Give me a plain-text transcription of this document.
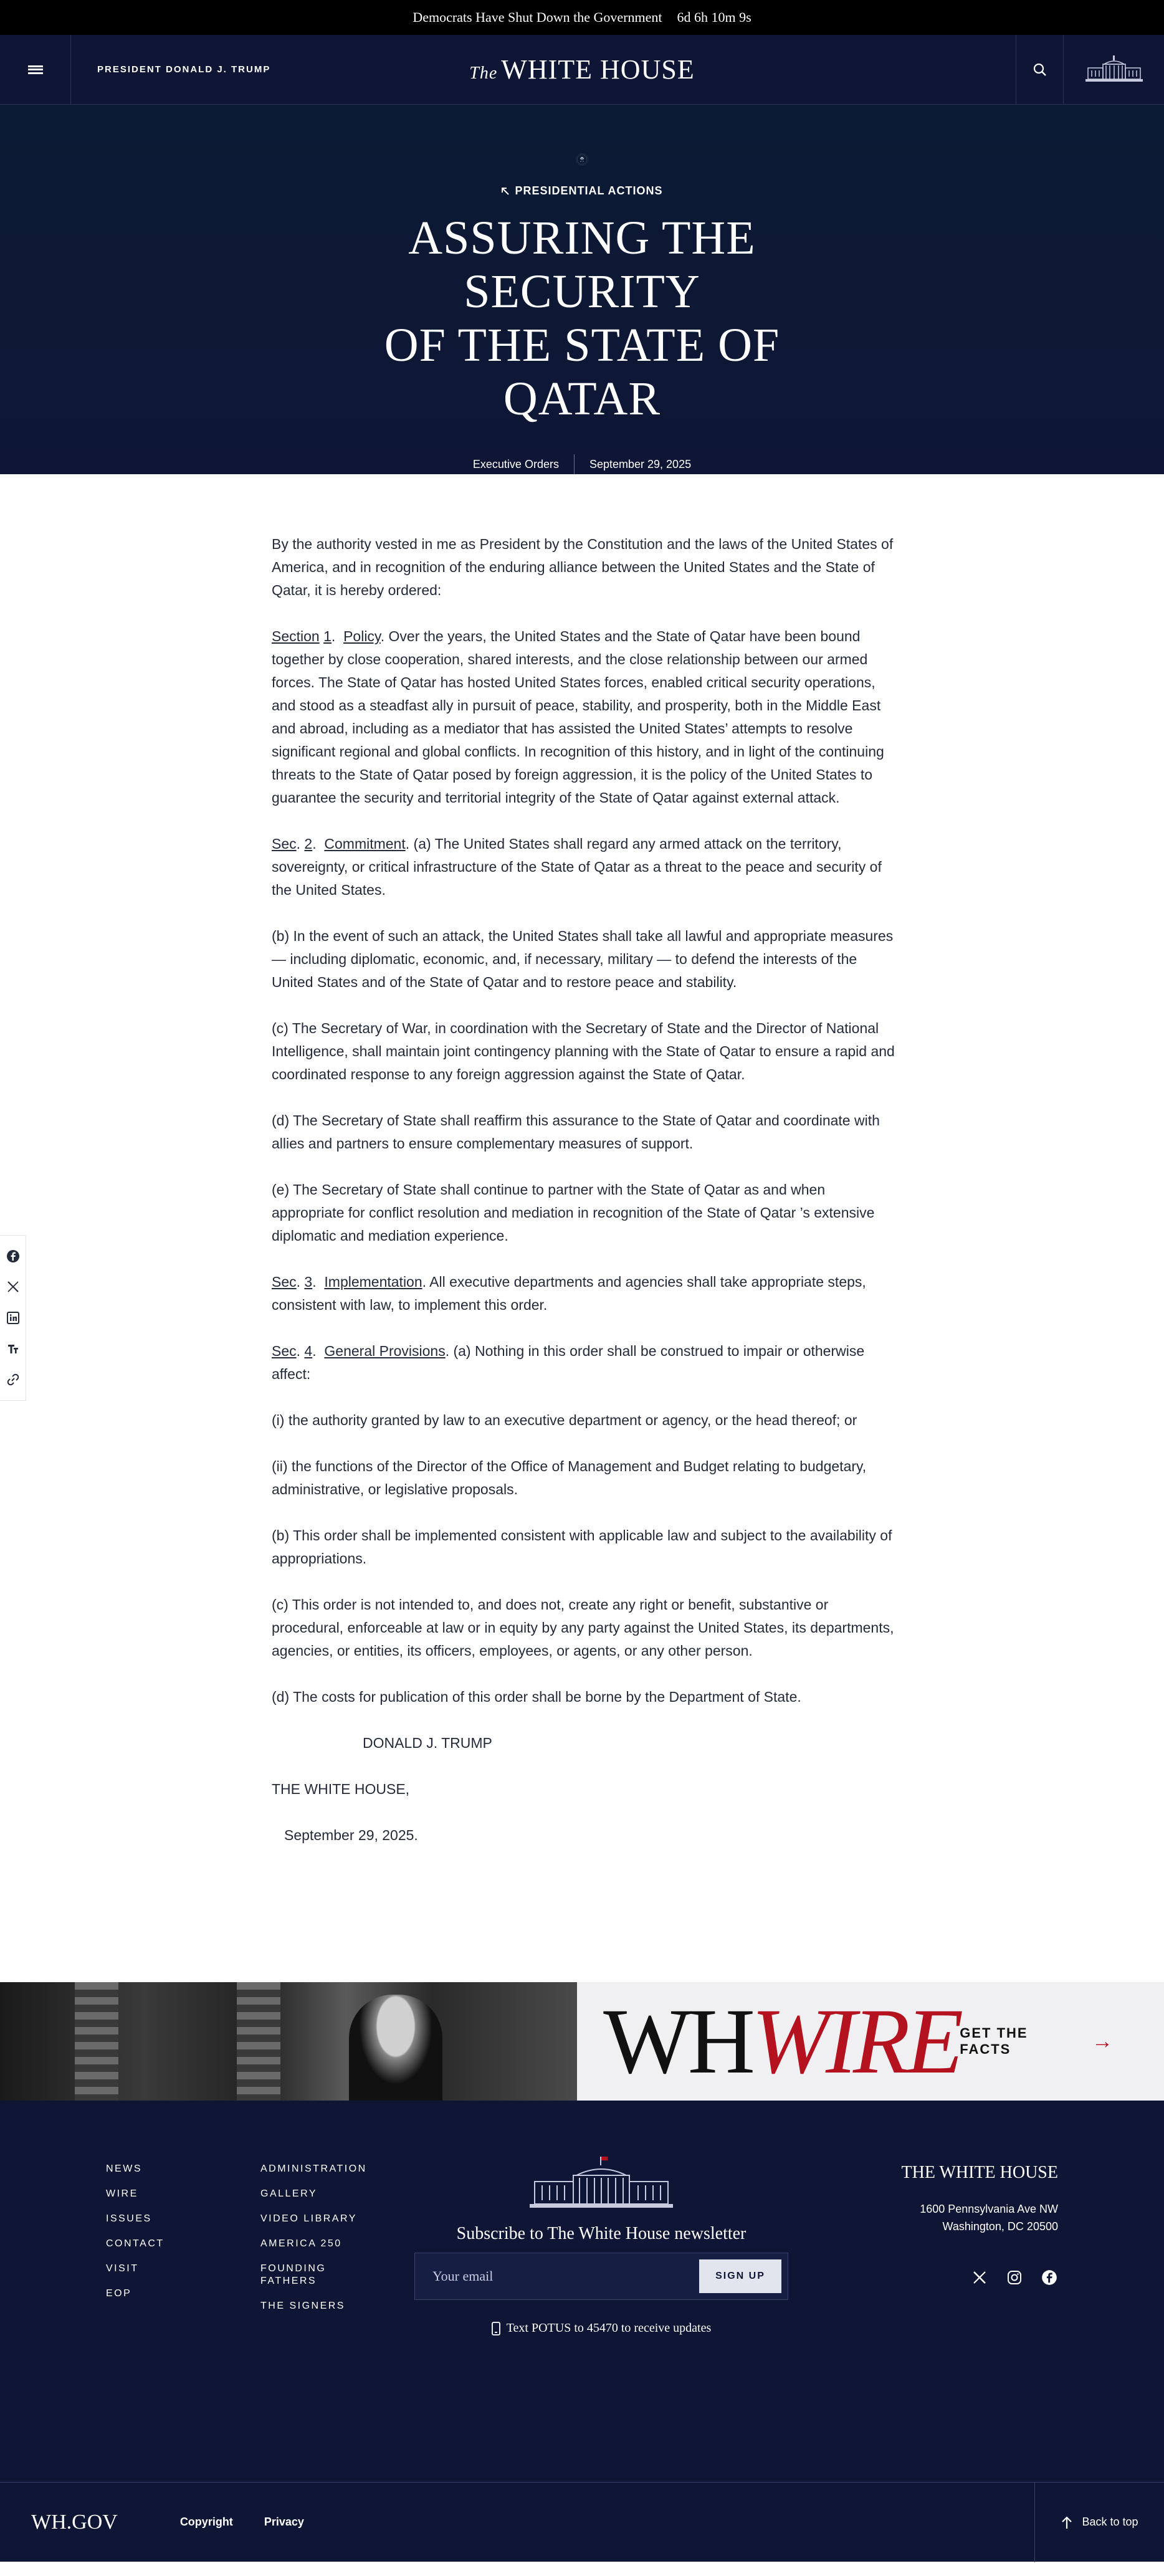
Democrats Have Shut Down the Government 6d 6h 10m 9s
PRESIDENT DONALD J. TRUMP	The WHITE HOUSE
45 · 47
PRESIDENTIAL ACTIONS
ASSURING THE SECURITY
OF THE STATE OF QATAR
Executive Orders	September 29, 2025

By the authority vested in me as President by the Constitution and the laws of the United States of America, and in recognition of the enduring alliance between the United States and the State of Qatar, it is hereby ordered:

Section 1.  Policy. Over the years, the United States and the State of Qatar have been bound together by close cooperation, shared interests, and the close relationship between our armed forces. The State of Qatar has hosted United States forces, enabled critical security operations, and stood as a steadfast ally in pursuit of peace, stability, and prosperity, both in the Middle East and abroad, including as a mediator that has assisted the United States’ attempts to resolve significant regional and global conflicts. In recognition of this history, and in light of the continuing threats to the State of Qatar posed by foreign aggression, it is the policy of the United States to guarantee the security and territorial integrity of the State of Qatar against external attack.

Sec. 2.  Commitment. (a) The United States shall regard any armed attack on the territory, sovereignty, or critical infrastructure of the State of Qatar as a threat to the peace and security of the United States.

(b) In the event of such an attack, the United States shall take all lawful and appropriate measures — including diplomatic, economic, and, if necessary, military — to defend the interests of the United States and of the State of Qatar and to restore peace and stability.

(c) The Secretary of War, in coordination with the Secretary of State and the Director of National Intelligence, shall maintain joint contingency planning with the State of Qatar to ensure a rapid and coordinated response to any foreign aggression against the State of Qatar.

(d) The Secretary of State shall reaffirm this assurance to the State of Qatar and coordinate with allies and partners to ensure complementary measures of support.

(e) The Secretary of State shall continue to partner with the State of Qatar as and when appropriate for conflict resolution and mediation in recognition of the State of Qatar ’s extensive diplomatic and mediation experience.

Sec. 3.  Implementation. All executive departments and agencies shall take appropriate steps, consistent with law, to implement this order.

Sec. 4.  General Provisions. (a) Nothing in this order shall be construed to impair or otherwise affect:

(i) the authority granted by law to an executive department or agency, or the head thereof; or

(ii) the functions of the Director of the Office of Management and Budget relating to budgetary, administrative, or legislative proposals.

(b) This order shall be implemented consistent with applicable law and subject to the availability of appropriations.

(c) This order is not intended to, and does not, create any right or benefit, substantive or procedural, enforceable at law or in equity by any party against the United States, its departments, agencies, or entities, its officers, employees, or agents, or any other person.

(d) The costs for publication of this order shall be borne by the Department of State.

DONALD J. TRUMP

THE WHITE HOUSE,

September 29, 2025.

WHWIRE GET THE FACTS	→
NEWS
WIRE
ISSUES
CONTACT
VISIT
EOP
ADMINISTRATION
GALLERY
VIDEO LIBRARY
AMERICA 250
FOUNDING FATHERS
THE SIGNERS
Subscribe to The White House newsletter
Your email
SIGN UP
Text POTUS to 45470 to receive updates
THE WHITE HOUSE
1600 Pennsylvania Ave NW
Washington, DC 20500
WH.GOV	Copyright	Privacy	Back to top
